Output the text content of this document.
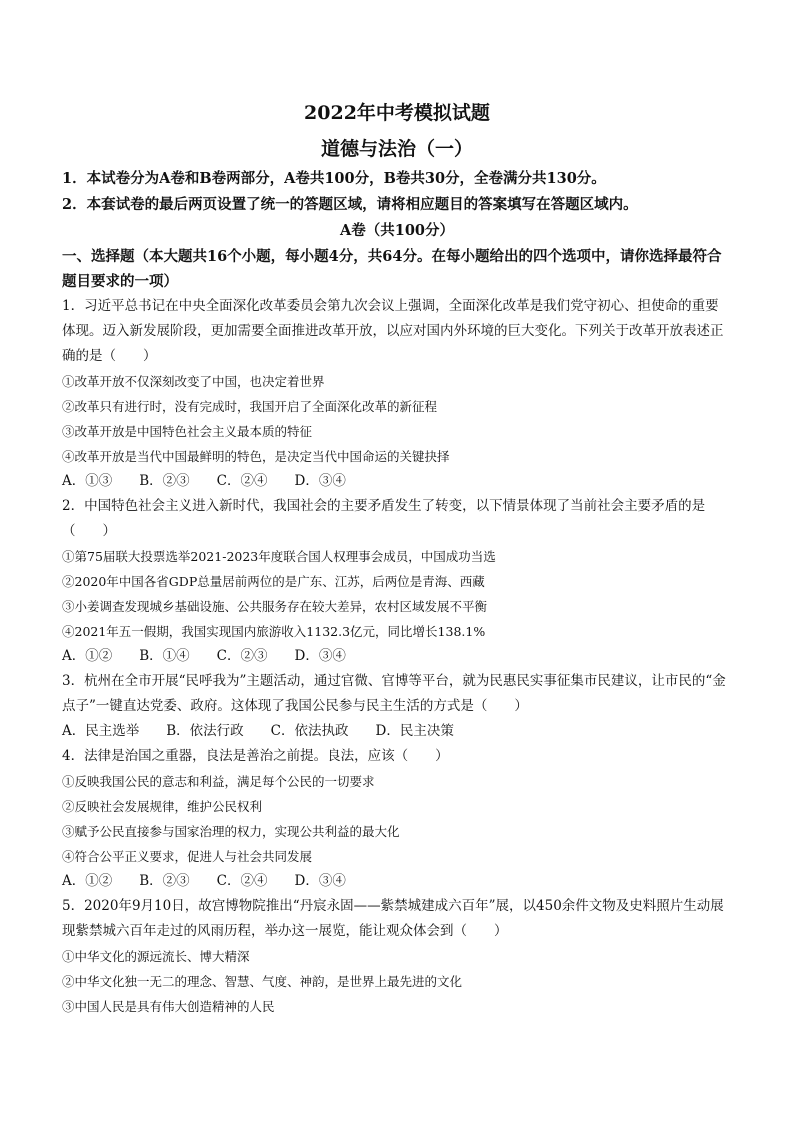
2022年中考模拟试题
道德与法治（一）
1．本试卷分为A卷和B卷两部分，A卷共100分，B卷共30分，全卷满分共130分。
2．本套试卷的最后两页设置了统一的答题区域，请将相应题目的答案填写在答题区域内。
A卷（共100分）
一、选择题（本大题共16个小题，每小题4分，共64分。在每小题给出的四个选项中，请你选择最符合题目要求的一项）
1．习近平总书记在中央全面深化改革委员会第九次会议上强调，全面深化改革是我们党守初心、担使命的重要体现。迈入新发展阶段，更加需要全面推进改革开放，以应对国内外环境的巨大变化。下列关于改革开放表述正确的是（　　）
①改革开放不仅深刻改变了中国，也决定着世界
②改革只有进行时，没有完成时，我国开启了全面深化改革的新征程
③改革开放是中国特色社会主义最本质的特征
④改革开放是当代中国最鲜明的特色，是决定当代中国命运的关键抉择
A．①③　　B．②③　　C．②④　　D．③④
2．中国特色社会主义进入新时代，我国社会的主要矛盾发生了转变，以下情景体现了当前社会主要矛盾的是（　　）
①第75届联大投票选举2021-2023年度联合国人权理事会成员，中国成功当选
②2020年中国各省GDP总量居前两位的是广东、江苏，后两位是青海、西藏
③小姜调查发现城乡基础设施、公共服务存在较大差异，农村区域发展不平衡
④2021年五一假期，我国实现国内旅游收入1132.3亿元，同比增长138.1%
A．①②　　B．①④　　C．②③　　D．③④
3．杭州在全市开展“民呼我为”主题活动，通过官微、官博等平台，就为民惠民实事征集市民建议，让市民的“金点子”一键直达党委、政府。这体现了我国公民参与民主生活的方式是（　　）
A．民主选举　　B．依法行政　　C．依法执政　　D．民主决策
4．法律是治国之重器，良法是善治之前提。良法，应该（　　）
①反映我国公民的意志和利益，满足每个公民的一切要求
②反映社会发展规律，维护公民权利
③赋予公民直接参与国家治理的权力，实现公共利益的最大化
④符合公平正义要求，促进人与社会共同发展
A．①②　　B．②③　　C．②④　　D．③④
5．2020年9月10日，故宫博物院推出“丹宸永固——紫禁城建成六百年”展，以450余件文物及史料照片生动展现紫禁城六百年走过的风雨历程，举办这一展览，能让观众体会到（　　）
①中华文化的源远流长、博大精深
②中华文化独一无二的理念、智慧、气度、神韵，是世界上最先进的文化
③中国人民是具有伟大创造精神的人民
